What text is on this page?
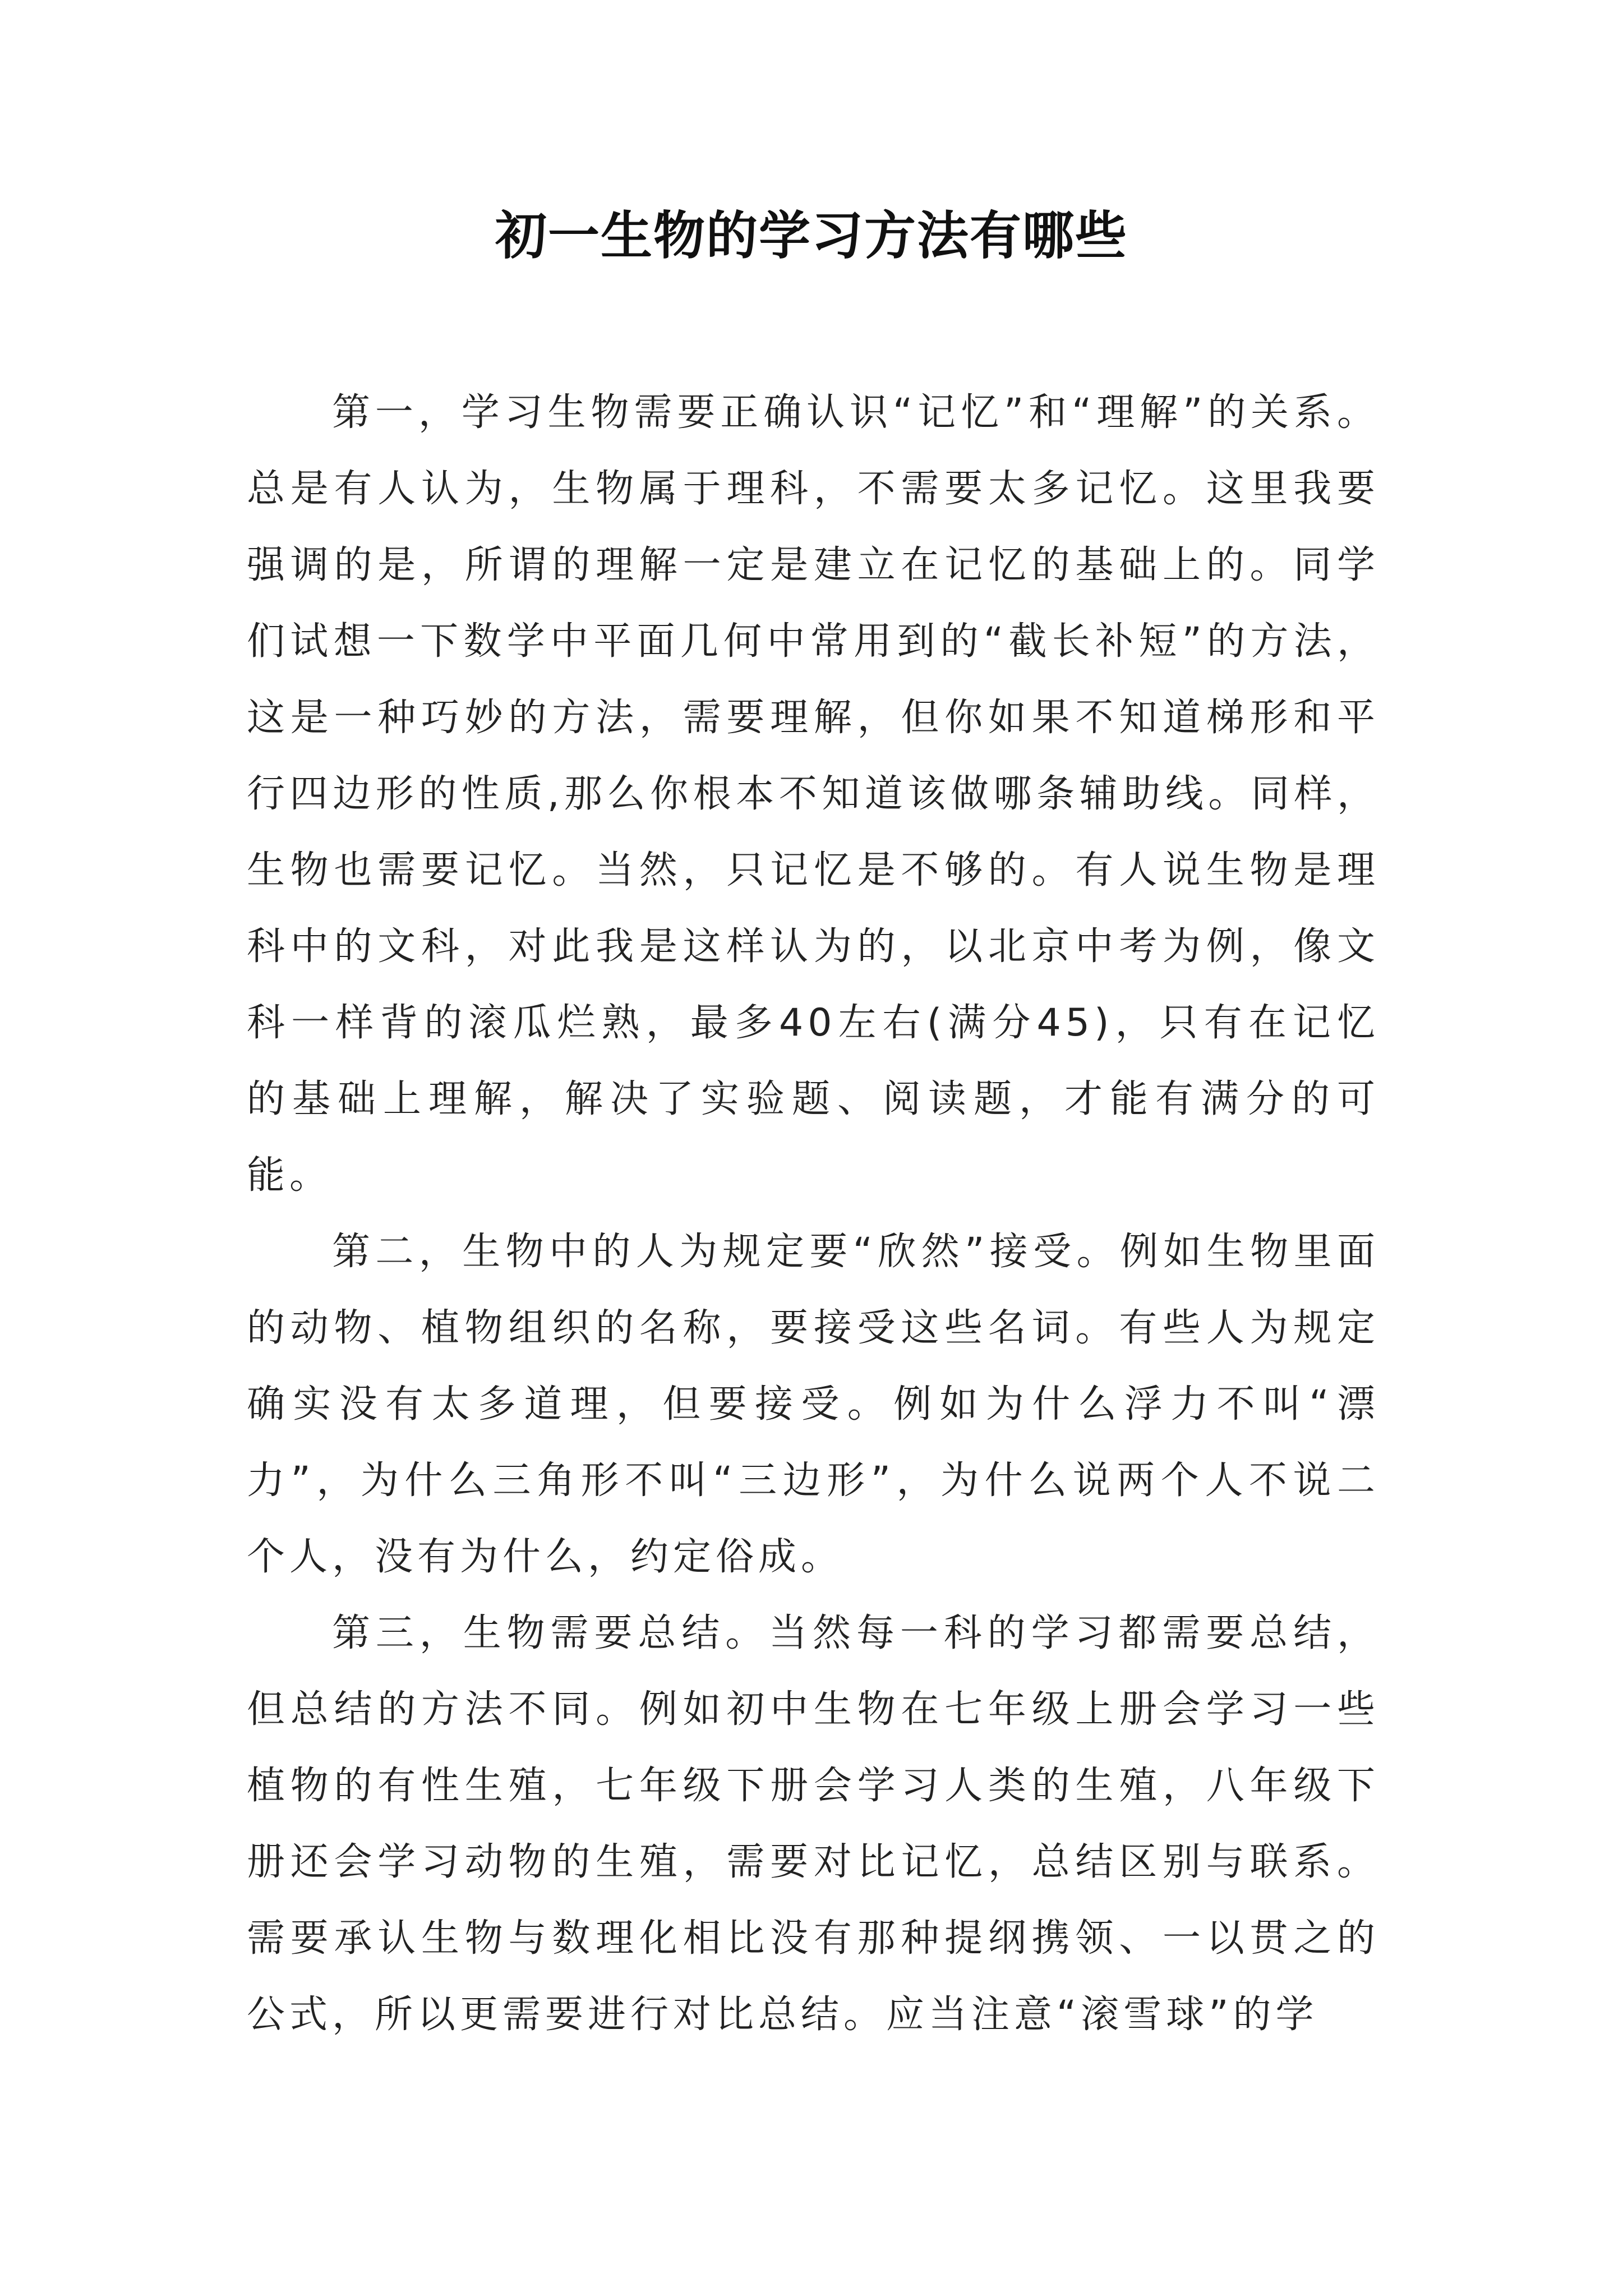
初一生物的学习方法有哪些

第一，学习生物需要正确认识“记忆”和“理解”的关系。总是有人认为，生物属于理科，不需要太多记忆。这里我要强调的是，所谓的理解一定是建立在记忆的基础上的。同学们试想一下数学中平面几何中常用到的“截长补短”的方法，这是一种巧妙的方法，需要理解，但你如果不知道梯形和平行四边形的性质,那么你根本不知道该做哪条辅助线。同样，生物也需要记忆。当然，只记忆是不够的。有人说生物是理科中的文科，对此我是这样认为的，以北京中考为例，像文科一样背的滚瓜烂熟，最多40左右(满分45)，只有在记忆的基础上理解，解决了实验题、阅读题，才能有满分的可能。

第二，生物中的人为规定要“欣然”接受。例如生物里面的动物、植物组织的名称，要接受这些名词。有些人为规定确实没有太多道理，但要接受。例如为什么浮力不叫“漂力”，为什么三角形不叫“三边形”，为什么说两个人不说二个人，没有为什么，约定俗成。

第三，生物需要总结。当然每一科的学习都需要总结，但总结的方法不同。例如初中生物在七年级上册会学习一些植物的有性生殖，七年级下册会学习人类的生殖，八年级下册还会学习动物的生殖，需要对比记忆，总结区别与联系。需要承认生物与数理化相比没有那种提纲携领、一以贯之的公式，所以更需要进行对比总结。应当注意“滚雪球”的学
